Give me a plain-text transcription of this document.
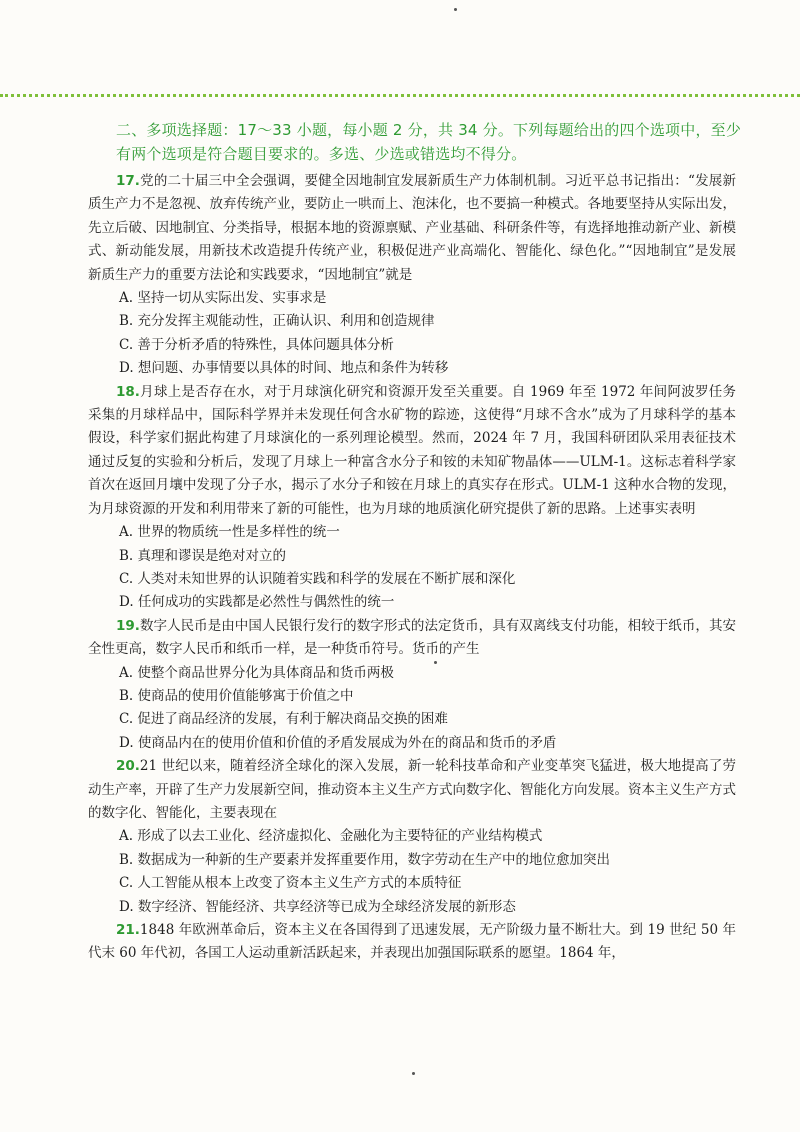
二、多项选择题：17～33 小题，每小题 2 分，共 34 分。下列每题给出的四个选项中，至少有两个选项是符合题目要求的。多选、少选或错选均不得分。

17.党的二十届三中全会强调，要健全因地制宜发展新质生产力体制机制。习近平总书记指出：“发展新质生产力不是忽视、放弃传统产业，要防止一哄而上、泡沫化，也不要搞一种模式。各地要坚持从实际出发，先立后破、因地制宜、分类指导，根据本地的资源禀赋、产业基础、科研条件等，有选择地推动新产业、新模式、新动能发展，用新技术改造提升传统产业，积极促进产业高端化、智能化、绿色化。”“因地制宜”是发展新质生产力的重要方法论和实践要求，“因地制宜”就是

A. 坚持一切从实际出发、实事求是

B. 充分发挥主观能动性，正确认识、利用和创造规律

C. 善于分析矛盾的特殊性，具体问题具体分析

D. 想问题、办事情要以具体的时间、地点和条件为转移

18.月球上是否存在水，对于月球演化研究和资源开发至关重要。自 1969 年至 1972 年间阿波罗任务采集的月球样品中，国际科学界并未发现任何含水矿物的踪迹，这使得“月球不含水”成为了月球科学的基本假设，科学家们据此构建了月球演化的一系列理论模型。然而，2024 年 7 月，我国科研团队采用表征技术通过反复的实验和分析后，发现了月球上一种富含水分子和铵的未知矿物晶体——ULM-1。这标志着科学家首次在返回月壤中发现了分子水，揭示了水分子和铵在月球上的真实存在形式。ULM-1 这种水合物的发现，为月球资源的开发和利用带来了新的可能性，也为月球的地质演化研究提供了新的思路。上述事实表明

A. 世界的物质统一性是多样性的统一

B. 真理和谬误是绝对对立的

C. 人类对未知世界的认识随着实践和科学的发展在不断扩展和深化

D. 任何成功的实践都是必然性与偶然性的统一

19.数字人民币是由中国人民银行发行的数字形式的法定货币，具有双离线支付功能，相较于纸币，其安全性更高，数字人民币和纸币一样，是一种货币符号。货币的产生

A. 使整个商品世界分化为具体商品和货币两极

B. 使商品的使用价值能够寓于价值之中

C. 促进了商品经济的发展，有利于解决商品交换的困难

D. 使商品内在的使用价值和价值的矛盾发展成为外在的商品和货币的矛盾

20.21 世纪以来，随着经济全球化的深入发展，新一轮科技革命和产业变革突飞猛进，极大地提高了劳动生产率，开辟了生产力发展新空间，推动资本主义生产方式向数字化、智能化方向发展。资本主义生产方式的数字化、智能化，主要表现在

A. 形成了以去工业化、经济虚拟化、金融化为主要特征的产业结构模式

B. 数据成为一种新的生产要素并发挥重要作用，数字劳动在生产中的地位愈加突出

C. 人工智能从根本上改变了资本主义生产方式的本质特征

D. 数字经济、智能经济、共享经济等已成为全球经济发展的新形态

21.1848 年欧洲革命后，资本主义在各国得到了迅速发展，无产阶级力量不断壮大。到 19 世纪 50 年代末 60 年代初，各国工人运动重新活跃起来，并表现出加强国际联系的愿望。1864 年，
